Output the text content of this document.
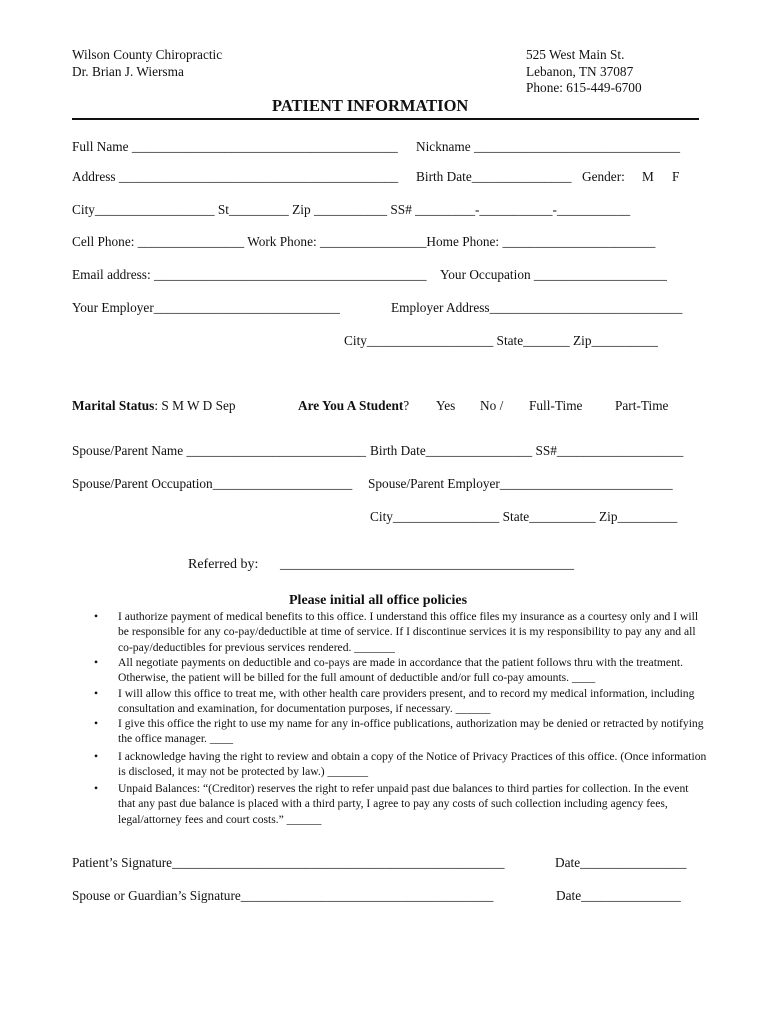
Wilson County Chiropractic
Dr. Brian J. Wiersma
525 West Main St.
Lebanon, TN 37087
Phone: 615-449-6700
PATIENT INFORMATION
Full Name ________________________________________ Nickname _______________________________
Address __________________________________________ Birth Date_______________ Gender: M F
City__________________ St_________ Zip ___________ SS# _________-___________-___________
Cell Phone: ________________ Work Phone: ________________Home Phone: _______________________
Email address: _________________________________________ Your Occupation ____________________
Your Employer____________________________	Employer Address_____________________________
City___________________ State_______ Zip__________
Marital Status: S M W D Sep	Are You A Student? Yes No / Full-Time Part-Time
Spouse/Parent Name ___________________________ Birth Date________________ SS#___________________
Spouse/Parent Occupation_____________________ Spouse/Parent Employer__________________________
City________________ State__________ Zip_________
Referred by: __________________________________________
Please initial all office policies
• I authorize payment of medical benefits to this office. I understand this office files my insurance as a courtesy only and I will be responsible for any co-pay/deductible at time of service. If I discontinue services it is my responsibility to pay any and all co-pay/deductibles for previous services rendered. _______
• All negotiate payments on deductible and co-pays are made in accordance that the patient follows thru with the treatment. Otherwise, the patient will be billed for the full amount of deductible and/or full co-pay amounts. ____
• I will allow this office to treat me, with other health care providers present, and to record my medical information, including consultation and examination, for documentation purposes, if necessary. ______
• I give this office the right to use my name for any in-office publications, authorization may be denied or retracted by notifying the office manager. ____
• I acknowledge having the right to review and obtain a copy of the Notice of Privacy Practices of this office. (Once information is disclosed, it may not be protected by law.) _______
• Unpaid Balances: “(Creditor) reserves the right to refer unpaid past due balances to third parties for collection. In the event that any past due balance is placed with a third party, I agree to pay any costs of such collection including agency fees, legal/attorney fees and court costs.” ______
Patient’s Signature__________________________________________________	Date________________
Spouse or Guardian’s Signature______________________________________	Date_______________
